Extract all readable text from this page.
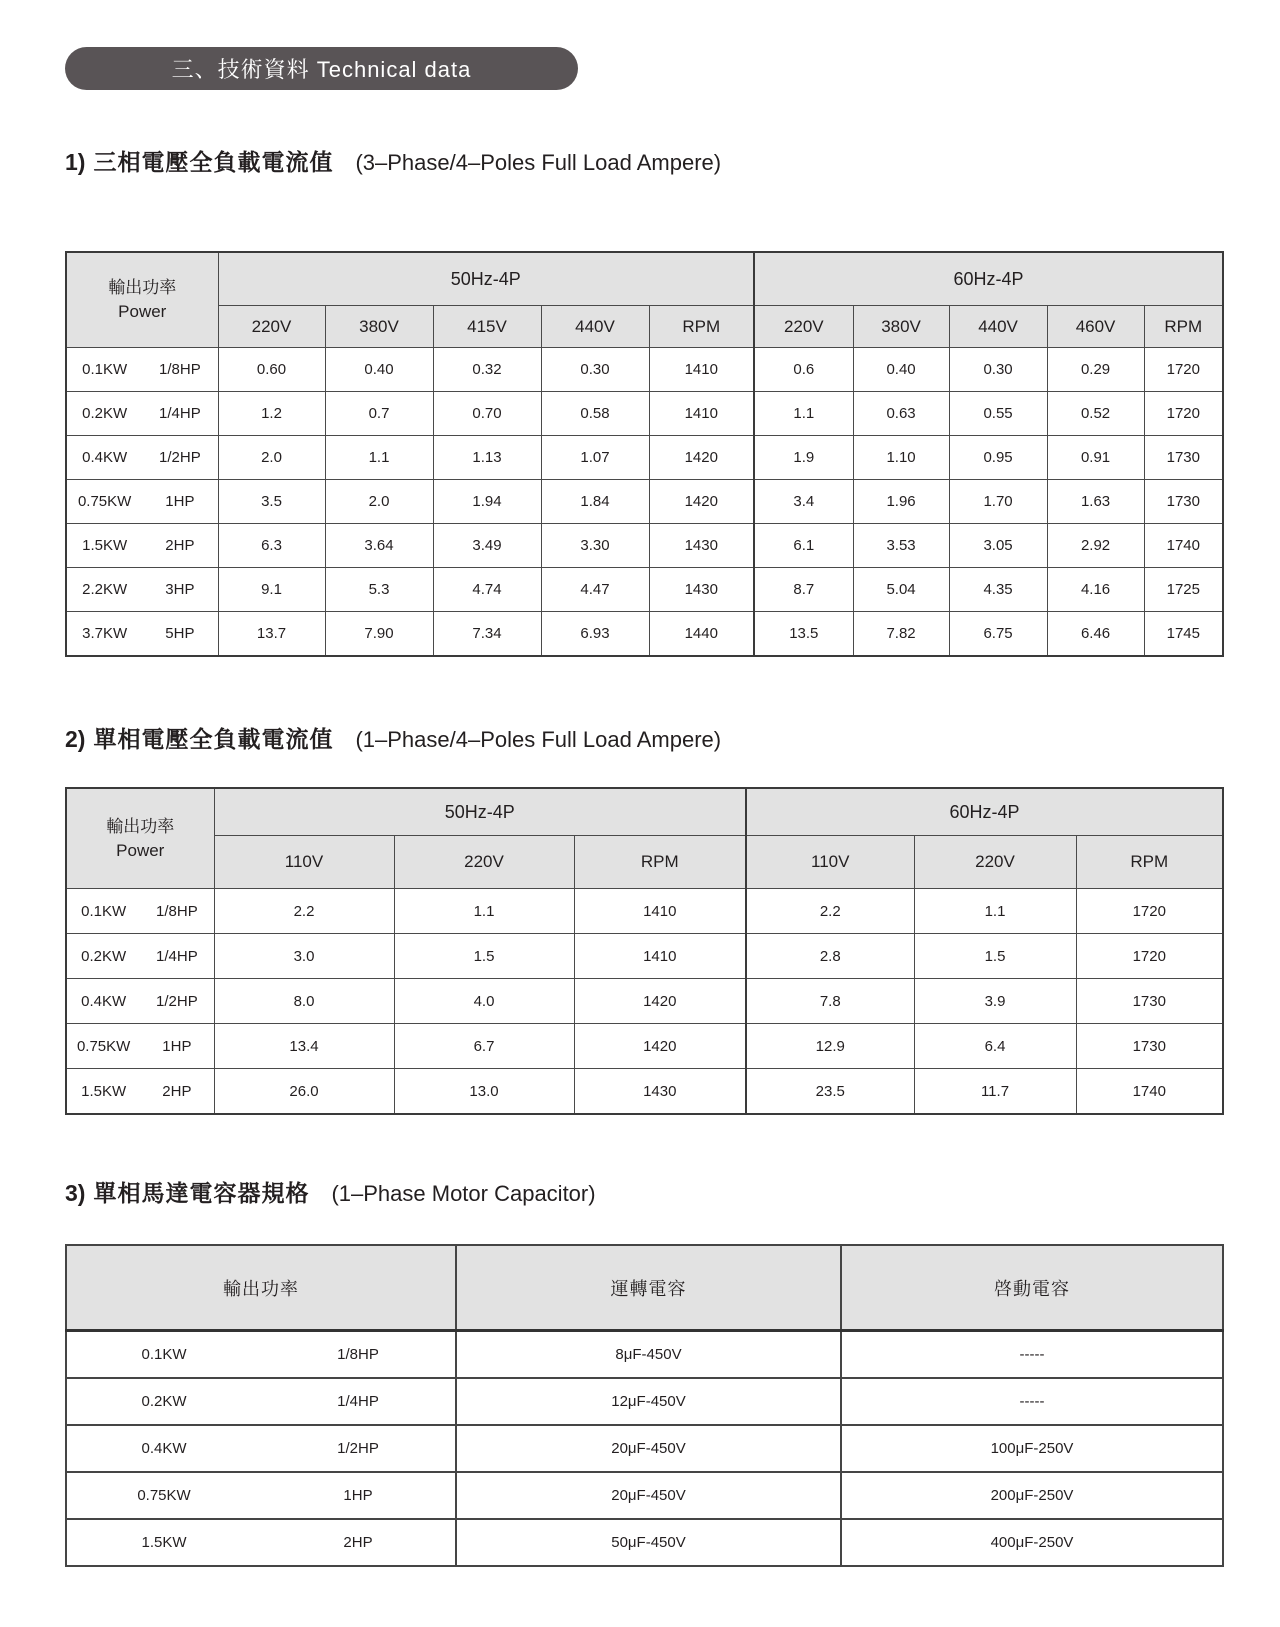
三、技術資料 Technical data
1) 三相電壓全負載電流值 (3–Phase/4–Poles Full Load Ampere)
輸出功率
Power	50Hz-4P					60Hz-4P				
	220V	380V	415V	440V	RPM	220V	380V	440V	460V	RPM

0.1KW 1/8HP	0.60	0.40	0.32	0.30	1410	0.6	0.40	0.30	0.29	1720

0.2KW 1/4HP	1.2	0.7	0.70	0.58	1410	1.1	0.63	0.55	0.52	1720

0.4KW 1/2HP	2.0	1.1	1.13	1.07	1420	1.9	1.10	0.95	0.91	1730

0.75KW 1HP	3.5	2.0	1.94	1.84	1420	3.4	1.96	1.70	1.63	1730

1.5KW 2HP	6.3	3.64	3.49	3.30	1430	6.1	3.53	3.05	2.92	1740

2.2KW 3HP	9.1	5.3	4.74	4.47	1430	8.7	5.04	4.35	4.16	1725

3.7KW 5HP	13.7	7.90	7.34	6.93	1440	13.5	7.82	6.75	6.46	1745
2) 單相電壓全負載電流值 (1–Phase/4–Poles Full Load Ampere)
輸出功率
Power	50Hz-4P			60Hz-4P		
	110V	220V	RPM	110V	220V	RPM

0.1KW 1/8HP	2.2	1.1	1410	2.2	1.1	1720

0.2KW 1/4HP	3.0	1.5	1410	2.8	1.5	1720

0.4KW 1/2HP	8.0	4.0	1420	7.8	3.9	1730

0.75KW 1HP	13.4	6.7	1420	12.9	6.4	1730

1.5KW 2HP	26.0	13.0	1430	23.5	11.7	1740
3) 單相馬達電容器規格 (1–Phase Motor Capacitor)
輸出功率	運轉電容	啓動電容

0.1KW 1/8HP	8μF-450V	-----

0.2KW 1/4HP	12μF-450V	-----

0.4KW 1/2HP	20μF-450V	100μF-250V

0.75KW 1HP	20μF-450V	200μF-250V

1.5KW 2HP	50μF-450V	400μF-250V
